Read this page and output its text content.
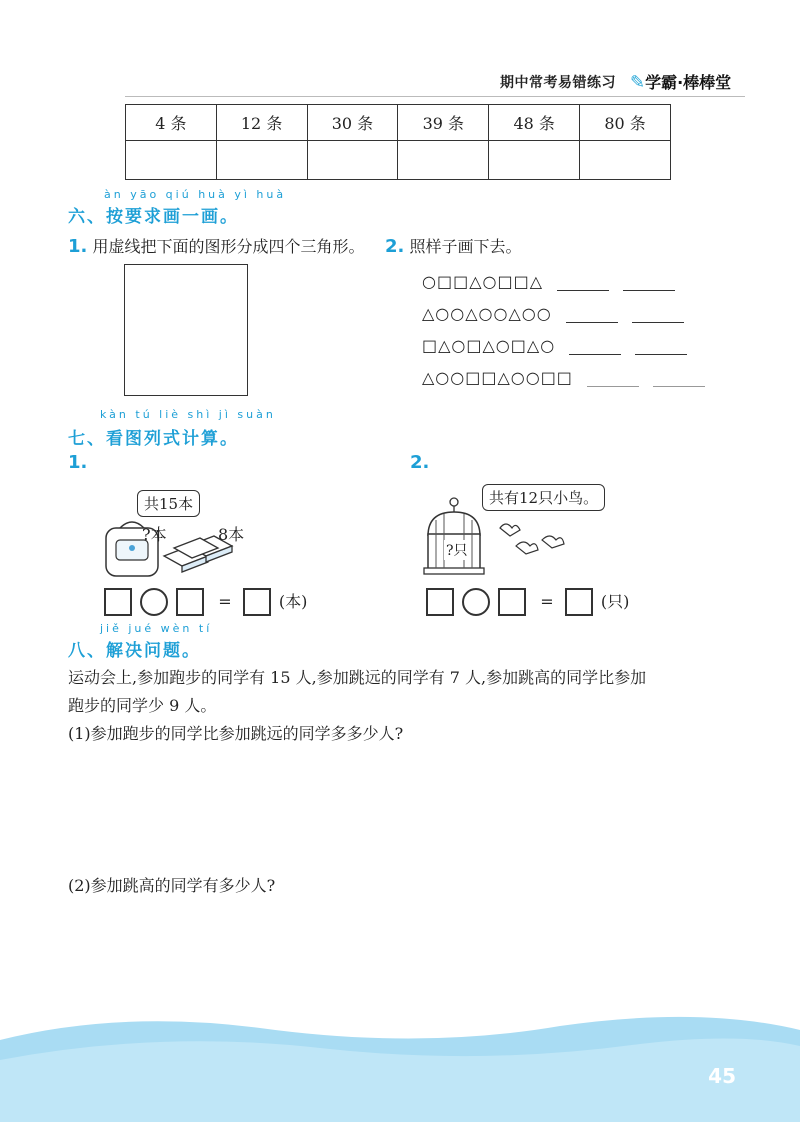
期中常考易错练习 ✎学霸·棒棒堂
4 条	12 条	30 条	39 条	48 条	80 条

àn yāo qiú huà yì huà
六、按要求画一画。
1. 用虚线把下面的图形分成四个三角形。 2. 照样子画下去。
○□□△○□□△
△○○△○○△○○
□△○□△○□△○
△○○□□△○○□□
kàn tú liè shì jì suàn
七、看图列式计算。
1.	2.
共15本
?本	8本
=	(本)
共有12只小鸟。
?只
=	(只)
jiě jué wèn tí
八、解决问题。
运动会上,参加跑步的同学有 15 人,参加跳远的同学有 7 人,参加跳高的同学比参加
跑步的同学少 9 人。
(1)参加跑步的同学比参加跳远的同学多多少人?
(2)参加跳高的同学有多少人?
45
